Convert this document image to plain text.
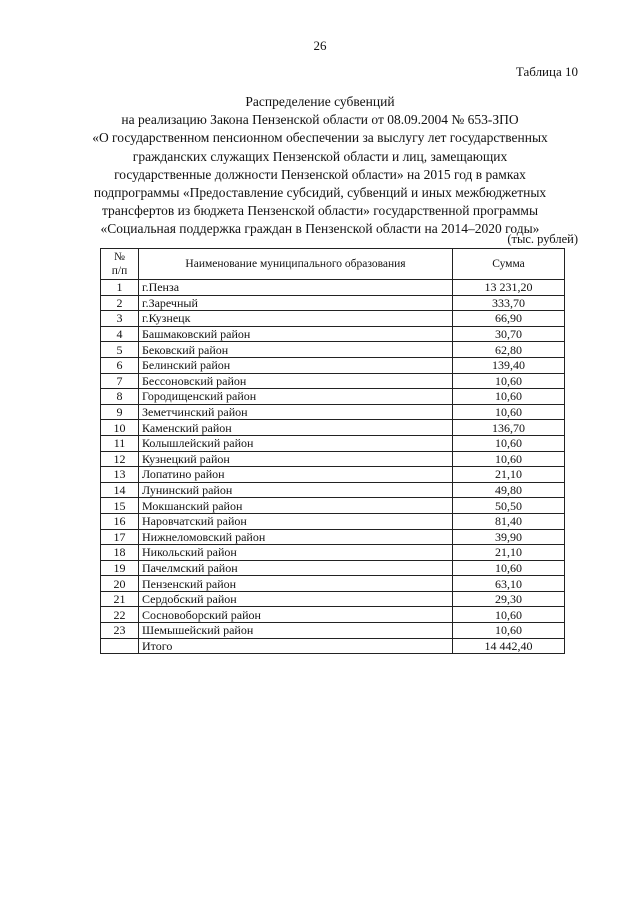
26
Таблица 10
Распределение субвенций
на реализацию Закона Пензенской области от 08.09.2004 № 653-ЗПО
«О государственном пенсионном обеспечении за выслугу лет государственных
гражданских служащих Пензенской области и лиц, замещающих
государственные должности Пензенской области» на 2015 год в рамках
подпрограммы «Предоставление субсидий, субвенций и иных межбюджетных
трансфертов из бюджета Пензенской области» государственной программы
«Социальная поддержка граждан в Пензенской области на 2014–2020 годы»
(тыс. рублей)
№
п/п	Наименование муниципального образования	Сумма
1	г.Пенза	13 231,20
2	г.Заречный	333,70
3	г.Кузнецк	66,90
4	Башмаковский район	30,70
5	Бековский район	62,80
6	Белинский район	139,40
7	Бессоновский район	10,60
8	Городищенский район	10,60
9	Земетчинский район	10,60
10	Каменский район	136,70
11	Колышлейский район	10,60
12	Кузнецкий район	10,60
13	Лопатино район	21,10
14	Лунинский район	49,80
15	Мокшанский район	50,50
16	Наровчатский район	81,40
17	Нижнеломовский район	39,90
18	Никольский район	21,10
19	Пачелмский район	10,60
20	Пензенский район	63,10
21	Сердобский район	29,30
22	Сосновоборский район	10,60
23	Шемышейский район	10,60
	Итого	14 442,40
